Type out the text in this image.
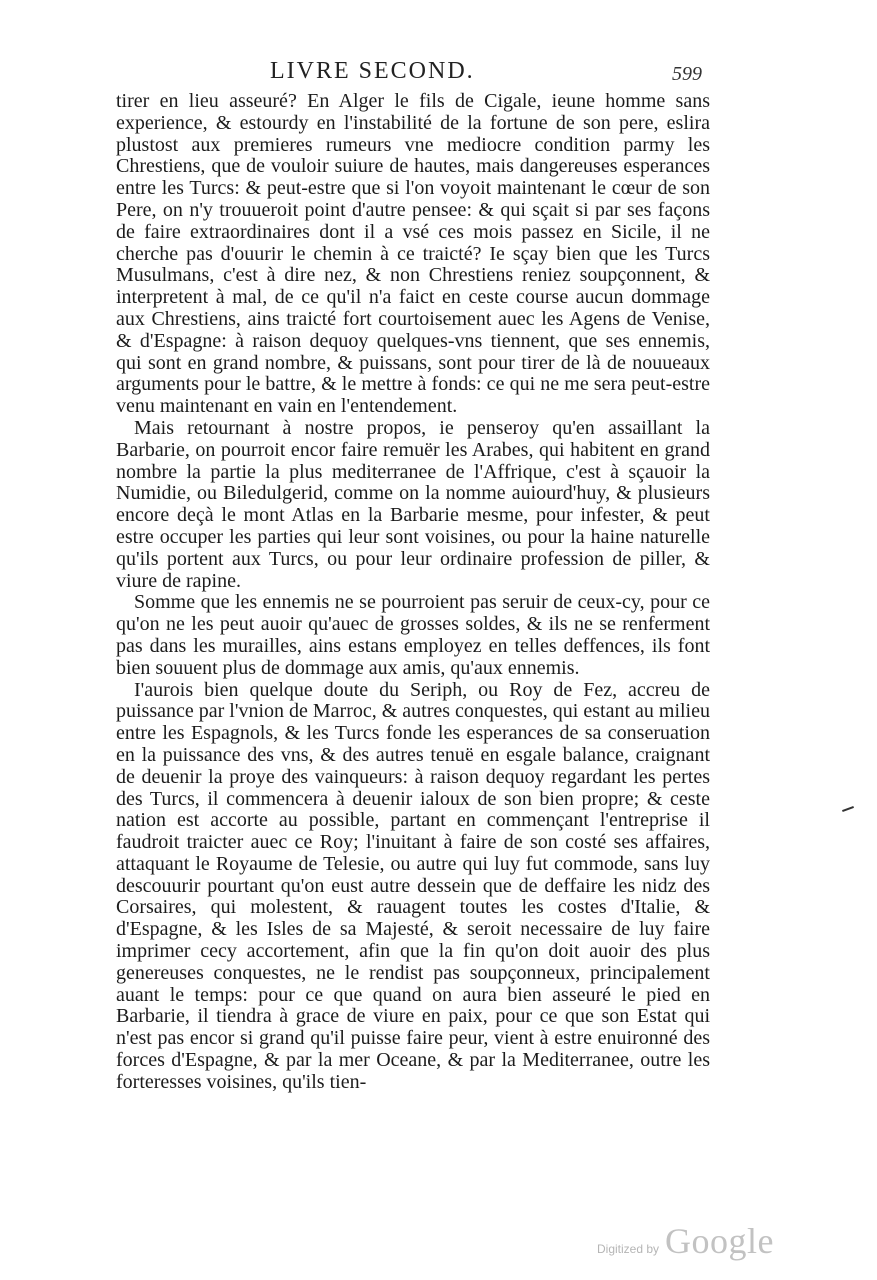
LIVRE SECOND.	599

tirer en lieu asseuré? En Alger le fils de Cigale, ieune homme sans experience, & estourdy en l'instabilité de la fortune de son pere, eslira plustost aux premieres rumeurs vne mediocre condition parmy les Chrestiens, que de vouloir suiure de hautes, mais dangereuses esperances entre les Turcs: & peut-estre que si l'on voyoit maintenant le cœur de son Pere, on n'y trouueroit point d'autre pensee: & qui sçait si par ses façons de faire extraordinaires dont il a vsé ces mois passez en Sicile, il ne cherche pas d'ouurir le chemin à ce traicté? Ie sçay bien que les Turcs Musulmans, c'est à dire nez, & non Chrestiens reniez soupçonnent, & interpretent à mal, de ce qu'il n'a faict en ceste course aucun dommage aux Chrestiens, ains traicté fort courtoisement auec les Agens de Venise, & d'Espagne: à raison dequoy quelques-vns tiennent, que ses ennemis, qui sont en grand nombre, & puissans, sont pour tirer de là de nouueaux arguments pour le battre, & le mettre à fonds: ce qui ne me sera peut-estre venu maintenant en vain en l'entendement.

Mais retournant à nostre propos, ie penseroy qu'en assaillant la Barbarie, on pourroit encor faire remuër les Arabes, qui habitent en grand nombre la partie la plus mediterranee de l'Affrique, c'est à sçauoir la Numidie, ou Biledulgerid, comme on la nomme auiourd'huy, & plusieurs encore deçà le mont Atlas en la Barbarie mesme, pour infester, & peut estre occuper les parties qui leur sont voisines, ou pour la haine naturelle qu'ils portent aux Turcs, ou pour leur ordinaire profession de piller, & viure de rapine.

Somme que les ennemis ne se pourroient pas seruir de ceux-cy, pour ce qu'on ne les peut auoir qu'auec de grosses soldes, & ils ne se renferment pas dans les murailles, ains estans employez en telles deffences, ils font bien souuent plus de dommage aux amis, qu'aux ennemis.

I'aurois bien quelque doute du Seriph, ou Roy de Fez, accreu de puissance par l'vnion de Marroc, & autres conquestes, qui estant au milieu entre les Espagnols, & les Turcs fonde les esperances de sa conseruation en la puissance des vns, & des autres tenuë en esgale balance, craignant de deuenir la proye des vainqueurs: à raison dequoy regardant les pertes des Turcs, il commencera à deuenir ialoux de son bien propre; & ceste nation est accorte au possible, partant en commençant l'entreprise il faudroit traicter auec ce Roy; l'inuitant à faire de son costé ses affaires, attaquant le Royaume de Telesie, ou autre qui luy fut commode, sans luy descouurir pourtant qu'on eust autre dessein que de deffaire les nidz des Corsaires, qui molestent, & rauagent toutes les costes d'Italie, & d'Espagne, & les Isles de sa Majesté, & seroit necessaire de luy faire imprimer cecy accortement, afin que la fin qu'on doit auoir des plus genereuses conquestes, ne le rendist pas soupçonneux, principalement auant le temps: pour ce que quand on aura bien asseuré le pied en Barbarie, il tiendra à grace de viure en paix, pour ce que son Estat qui n'est pas encor si grand qu'il puisse faire peur, vient à estre enuironné des forces d'Espagne, & par la mer Oceane, & par la Mediterranee, outre les forteresses voisines, qu'ils tien-

Digitized by Google
